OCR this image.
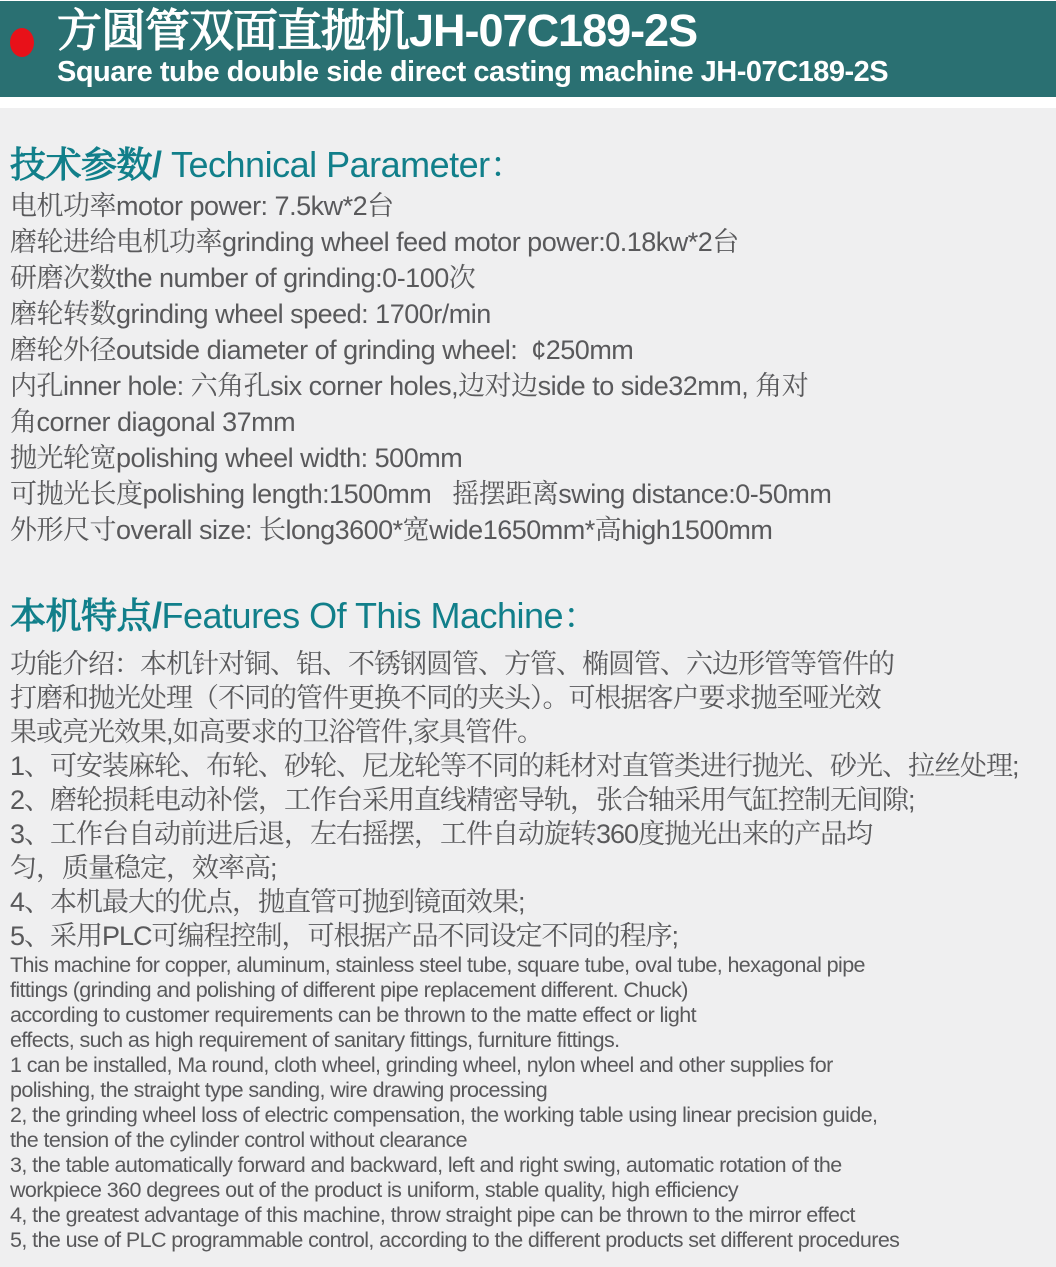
方圆管双面直抛机JH-07C189-2S
Square tube double side direct casting machine JH-07C189-2S
技术参数/ Technical Parameter：
电机功率motor power: 7.5kw*2台
磨轮进给电机功率grinding wheel feed motor power:0.18kw*2台
研磨次数the number of grinding:0-100次
磨轮转数grinding wheel speed: 1700r/min
磨轮外径outside diameter of grinding wheel:  ¢250mm
内孔inner hole: 六角孔six corner holes,边对边side to side32mm, 角对
角corner diagonal 37mm
抛光轮宽polishing wheel width: 500mm
可抛光长度polishing length:1500mm   摇摆距离swing distance:0-50mm
外形尺寸overall size: 长long3600*宽wide1650mm*高high1500mm
本机特点/Features Of This Machine：
功能介绍：本机针对铜、铝、不锈钢圆管、方管、椭圆管、六边形管等管件的
打磨和抛光处理（不同的管件更换不同的夹头）。可根据客户要求抛至哑光效
果或亮光效果,如高要求的卫浴管件,家具管件。
1、可安装麻轮、布轮、砂轮、尼龙轮等不同的耗材对直管类进行抛光、砂光、拉丝处理;
2、磨轮损耗电动补偿，工作台采用直线精密导轨，张合轴采用气缸控制无间隙;
3、工作台自动前进后退，左右摇摆，工件自动旋转360度抛光出来的产品均
匀，质量稳定，效率高;
4、本机最大的优点，抛直管可抛到镜面效果;
5、采用PLC可编程控制，可根据产品不同设定不同的程序;
This machine for copper, aluminum, stainless steel tube, square tube, oval tube, hexagonal pipe
fittings (grinding and polishing of different pipe replacement different. Chuck)
according to customer requirements can be thrown to the matte effect or light
effects, such as high requirement of sanitary fittings, furniture fittings.
1 can be installed, Ma round, cloth wheel, grinding wheel, nylon wheel and other supplies for
polishing, the straight type sanding, wire drawing processing
2, the grinding wheel loss of electric compensation, the working table using linear precision guide,
the tension of the cylinder control without clearance
3, the table automatically forward and backward, left and right swing, automatic rotation of the
workpiece 360 degrees out of the product is uniform, stable quality, high efficiency
4, the greatest advantage of this machine, throw straight pipe can be thrown to the mirror effect
5, the use of PLC programmable control, according to the different products set different procedures
